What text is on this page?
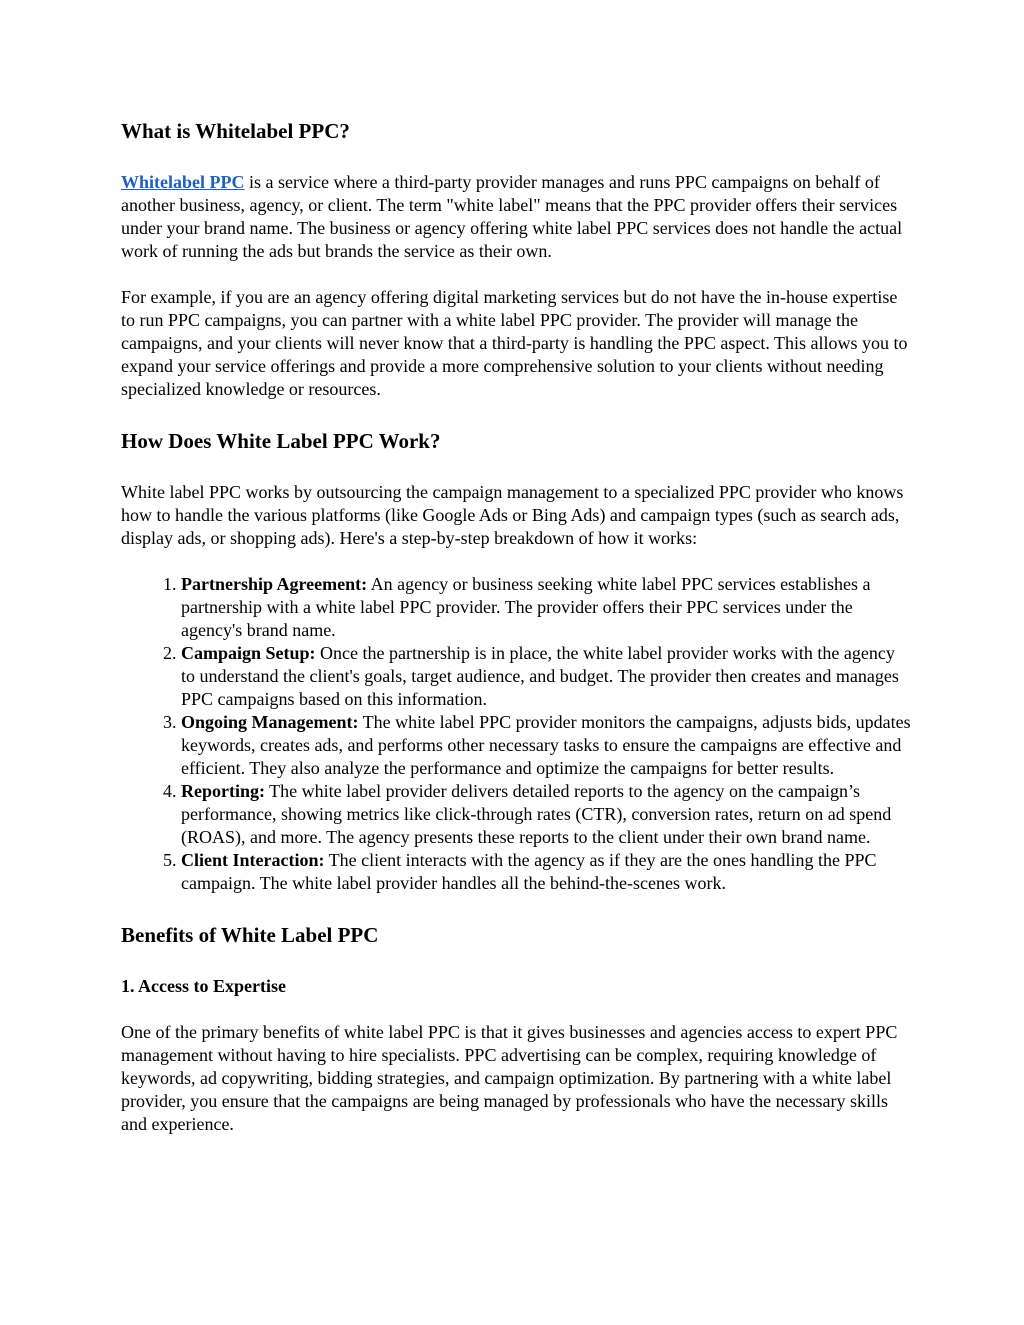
What is Whitelabel PPC?

Whitelabel PPC is a service where a third-party provider manages and runs PPC campaigns on behalf of another business, agency, or client. The term "white label" means that the PPC provider offers their services under your brand name. The business or agency offering white label PPC services does not handle the actual work of running the ads but brands the service as their own.

For example, if you are an agency offering digital marketing services but do not have the in-house expertise to run PPC campaigns, you can partner with a white label PPC provider. The provider will manage the campaigns, and your clients will never know that a third-party is handling the PPC aspect. This allows you to expand your service offerings and provide a more comprehensive solution to your clients without needing specialized knowledge or resources.

How Does White Label PPC Work?

White label PPC works by outsourcing the campaign management to a specialized PPC provider who knows how to handle the various platforms (like Google Ads or Bing Ads) and campaign types (such as search ads, display ads, or shopping ads). Here's a step-by-step breakdown of how it works:

1. Partnership Agreement: An agency or business seeking white label PPC services establishes a partnership with a white label PPC provider. The provider offers their PPC services under the agency's brand name.
2. Campaign Setup: Once the partnership is in place, the white label provider works with the agency to understand the client's goals, target audience, and budget. The provider then creates and manages PPC campaigns based on this information.
3. Ongoing Management: The white label PPC provider monitors the campaigns, adjusts bids, updates keywords, creates ads, and performs other necessary tasks to ensure the campaigns are effective and efficient. They also analyze the performance and optimize the campaigns for better results.
4. Reporting: The white label provider delivers detailed reports to the agency on the campaign’s performance, showing metrics like click-through rates (CTR), conversion rates, return on ad spend (ROAS), and more. The agency presents these reports to the client under their own brand name.
5. Client Interaction: The client interacts with the agency as if they are the ones handling the PPC campaign. The white label provider handles all the behind-the-scenes work.
Benefits of White Label PPC
1. Access to Expertise

One of the primary benefits of white label PPC is that it gives businesses and agencies access to expert PPC management without having to hire specialists. PPC advertising can be complex, requiring knowledge of keywords, ad copywriting, bidding strategies, and campaign optimization. By partnering with a white label provider, you ensure that the campaigns are being managed by professionals who have the necessary skills and experience.
